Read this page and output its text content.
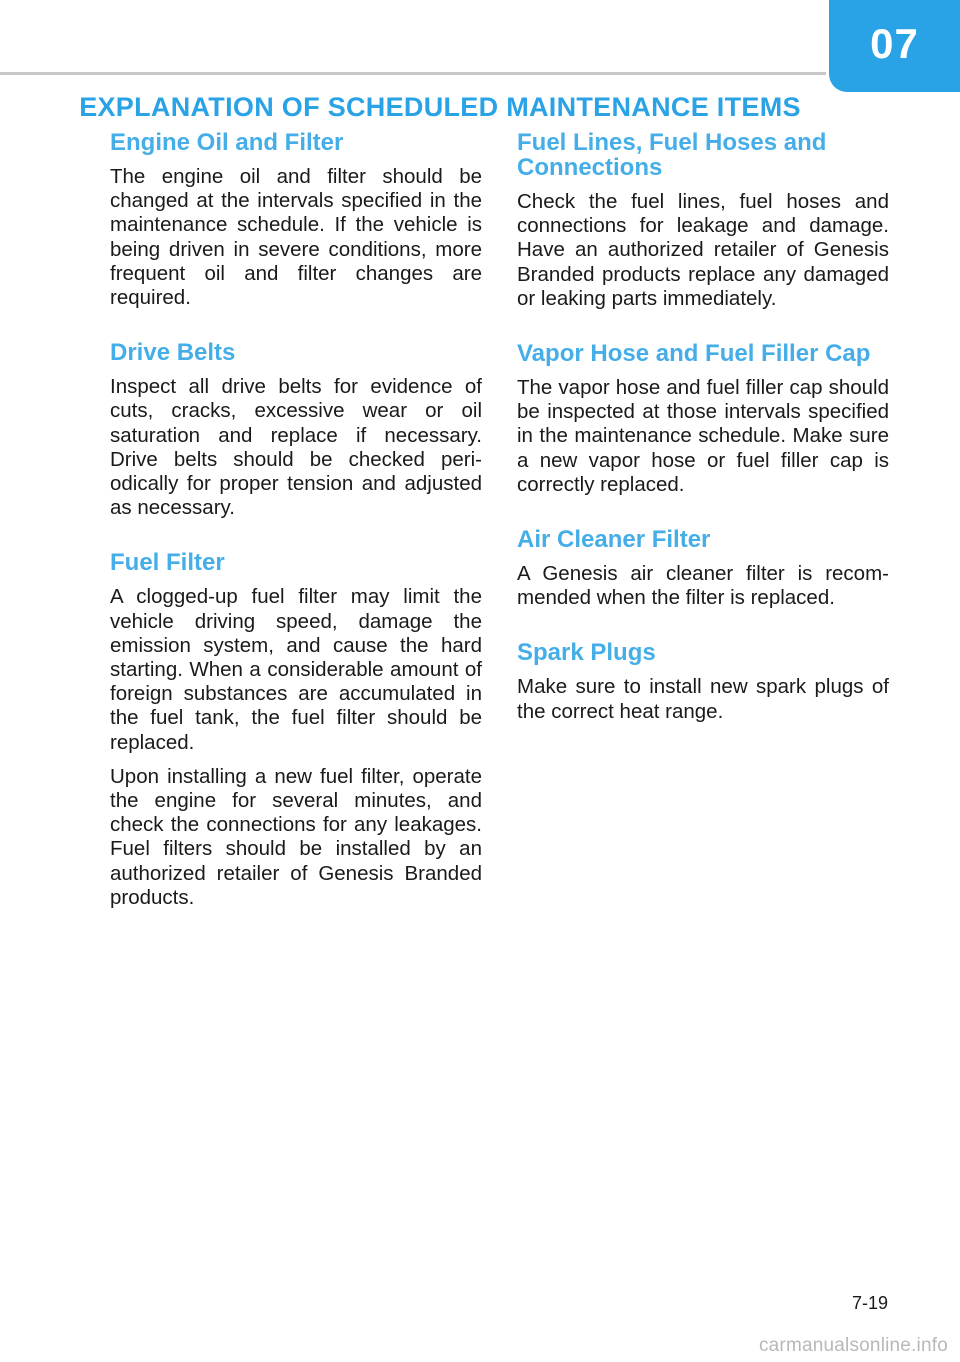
07
EXPLANATION OF SCHEDULED MAINTENANCE ITEMS
Engine Oil and Filter

The engine oil and filter should be changed at the intervals specified in the maintenance schedule. If the vehicle is being driven in severe conditions, more frequent oil and filter changes are required.

Drive Belts

Inspect all drive belts for evidence of cuts, cracks, excessive wear or oil saturation and replace if necessary. Drive belts should be checked periodically for proper tension and adjusted as necessary.

Fuel Filter

A clogged-up fuel filter may limit the vehicle driving speed, damage the emission system, and cause the hard starting. When a considerable amount of foreign substances are accumulated in the fuel tank, the fuel filter should be replaced.

Upon installing a new fuel filter, operate the engine for several minutes, and check the connections for any leakages. Fuel filters should be installed by an authorized retailer of Genesis Branded products.

Fuel Lines, Fuel Hoses and Connections

Check the fuel lines, fuel hoses and connections for leakage and damage. Have an authorized retailer of Genesis Branded products replace any damaged or leaking parts immediately.

Vapor Hose and Fuel Filler Cap

The vapor hose and fuel filler cap should be inspected at those intervals specified in the maintenance schedule. Make sure a new vapor hose or fuel filler cap is correctly replaced.

Air Cleaner Filter

A Genesis air cleaner filter is recommended when the filter is replaced.

Spark Plugs

Make sure to install new spark plugs of the correct heat range.

7-19
carmanualsonline.info
